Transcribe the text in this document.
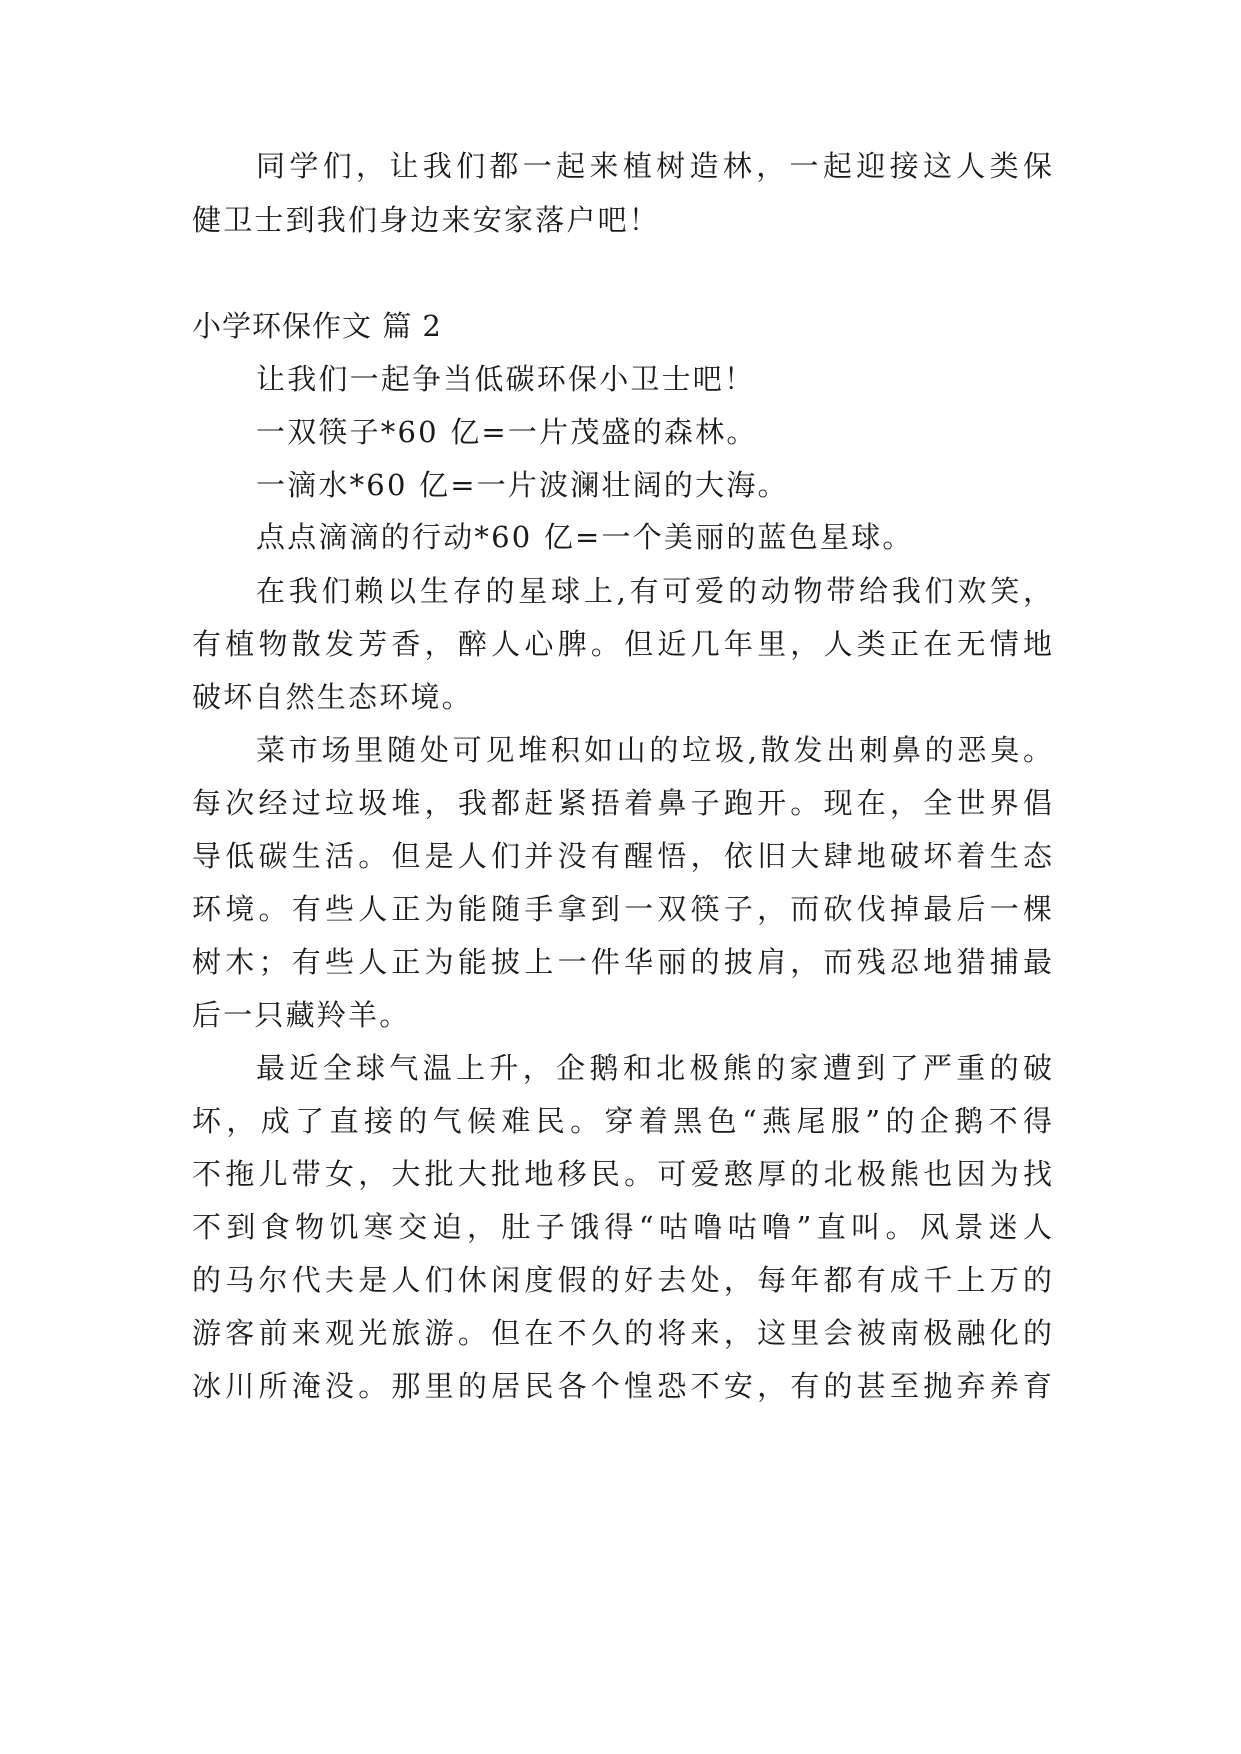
同学们，让我们都一起来植树造林，一起迎接这人类保
健卫士到我们身边来安家落户吧！
小学环保作文 篇 2
让我们一起争当低碳环保小卫士吧！
一双筷子*60 亿=一片茂盛的森林。
一滴水*60 亿=一片波澜壮阔的大海。
点点滴滴的行动*60 亿=一个美丽的蓝色星球。
在我们赖以生存的星球上,有可爱的动物带给我们欢笑，
有植物散发芳香，醉人心脾。但近几年里，人类正在无情地
破坏自然生态环境。
菜市场里随处可见堆积如山的垃圾,散发出刺鼻的恶臭。
每次经过垃圾堆，我都赶紧捂着鼻子跑开。现在，全世界倡
导低碳生活。但是人们并没有醒悟，依旧大肆地破坏着生态
环境。有些人正为能随手拿到一双筷子，而砍伐掉最后一棵
树木；有些人正为能披上一件华丽的披肩，而残忍地猎捕最
后一只藏羚羊。
最近全球气温上升，企鹅和北极熊的家遭到了严重的破
坏，成了直接的气候难民。穿着黑色“燕尾服”的企鹅不得
不拖儿带女，大批大批地移民。可爱憨厚的北极熊也因为找
不到食物饥寒交迫，肚子饿得“咕噜咕噜”直叫。风景迷人
的马尔代夫是人们休闲度假的好去处，每年都有成千上万的
游客前来观光旅游。但在不久的将来，这里会被南极融化的
冰川所淹没。那里的居民各个惶恐不安，有的甚至抛弃养育
